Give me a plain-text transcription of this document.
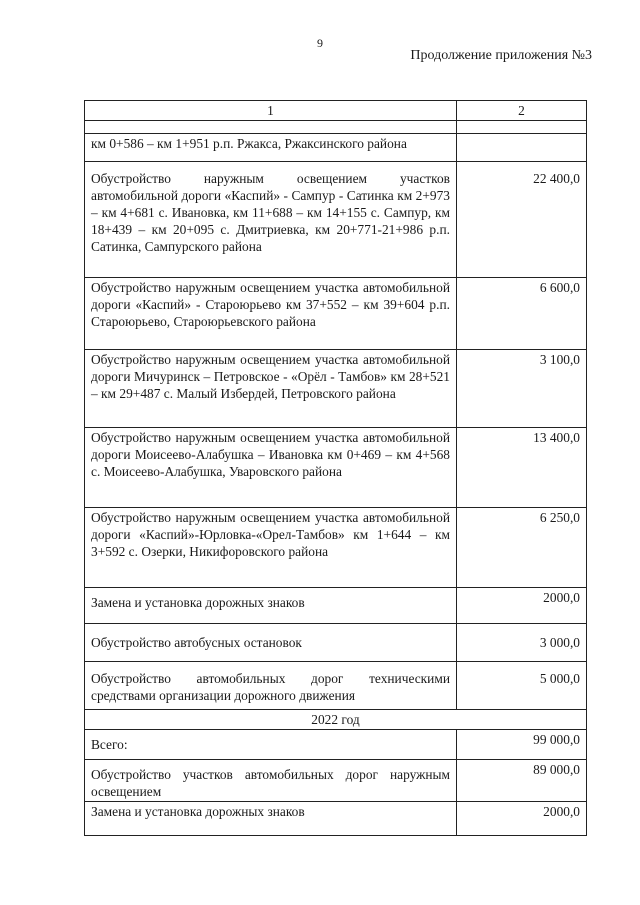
9
Продолжение приложения №3
1	2

км 0+586 – км 1+951 р.п. Ржакса, Ржаксинского района	
Обустройство наружным освещением участков автомобильной дороги «Каспий» - Сампур - Сатинка км 2+973 – км 4+681 с. Ивановка, км 11+688 – км 14+155 с. Сампур, км 18+439 – км 20+095 с. Дмитриевка, км 20+771-21+986 р.п. Сатинка, Сампурского района	22 400,0
Обустройство наружным освещением участка автомобильной дороги «Каспий» - Староюрьево км 37+552 – км 39+604 р.п. Староюрьево, Староюрьевского района	6 600,0
Обустройство наружным освещением участка автомобильной дороги Мичуринск – Петровское - «Орёл - Тамбов» км 28+521 – км 29+487 с. Малый Избердей, Петровского района	3 100,0
Обустройство наружным освещением участка автомобильной дороги Моисеево-Алабушка – Ивановка км 0+469 – км 4+568 с. Моисеево-Алабушка, Уваровского района	13 400,0
Обустройство наружным освещением участка автомобильной дороги «Каспий»-Юрловка-«Орел-Тамбов» км 1+644 – км 3+592 с. Озерки, Никифоровского района	6 250,0
Замена и установка дорожных знаков	2000,0
Обустройство автобусных остановок	3 000,0
Обустройство автомобильных дорог техническими средствами организации дорожного движения	5 000,0
2022 год	
Всего:	99 000,0
Обустройство участков автомобильных дорог наружным освещением	89 000,0
Замена и установка дорожных знаков	2000,0
